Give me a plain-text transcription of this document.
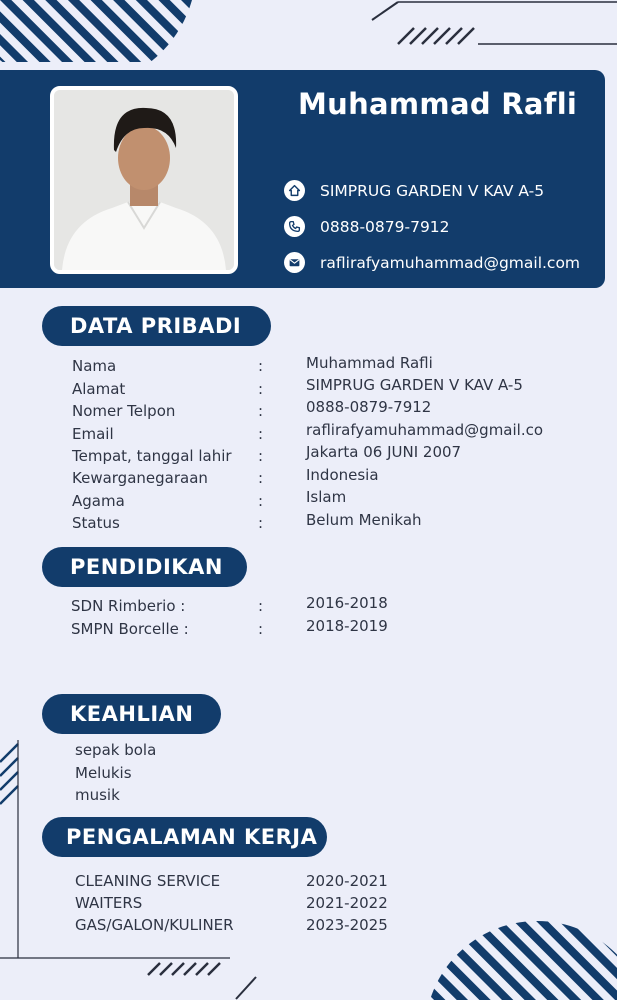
Muhammad Rafli
SIMPRUG GARDEN V KAV A-5
0888-0879-7912
raflirafyamuhammad@gmail.com
DATA PRIBADI
Nama	:	Muhammad Rafli
Alamat	:	SIMPRUG GARDEN V KAV A-5
Nomer Telpon	:	0888-0879-7912
Email	:	raflirafyamuhammad@gmail.co
Tempat, tanggal lahir :	Jakarta 06 JUNI 2007
Kewarganegaraan	:	Indonesia
Agama	:	Islam
Status	:	Belum Menikah
PENDIDIKAN
SDN Rimberio :	:	2016-2018
SMPN Borcelle :	:	2018-2019
KEAHLIAN
sepak bola
Melukis
musik
PENGALAMAN KERJA
CLEANING SERVICE	2020-2021
WAITERS	2021-2022
GAS/GALON/KULINER	2023-2025
